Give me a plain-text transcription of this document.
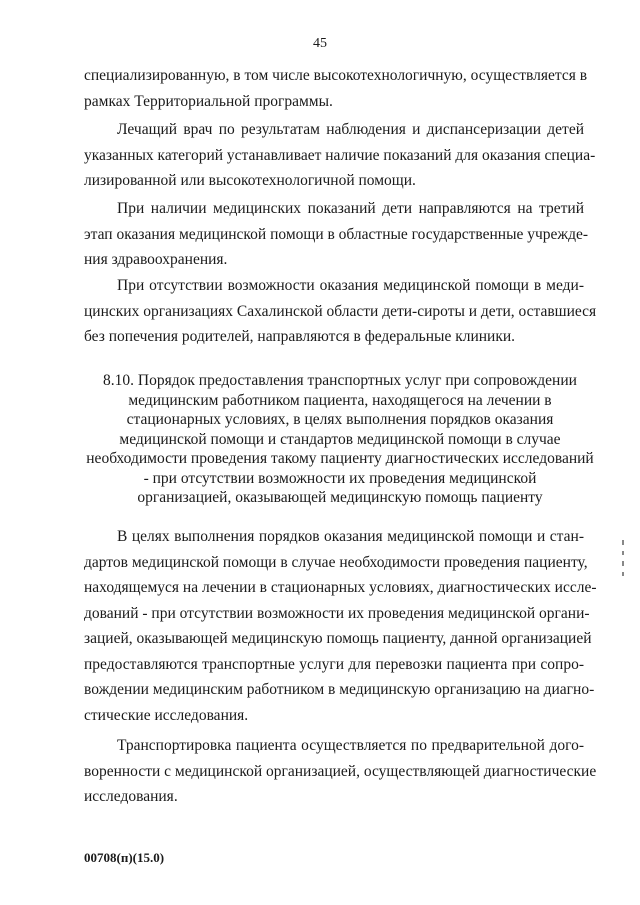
45
специализированную, в том числе высокотехнологичную, осуществляется в
рамках Территориальной программы.
Лечащий врач по результатам наблюдения и диспансеризации детей
указанных категорий устанавливает наличие показаний для оказания специа-
лизированной или высокотехнологичной помощи.
При наличии медицинских показаний дети направляются на третий
этап оказания медицинской помощи в областные государственные учрежде-
ния здравоохранения.
При отсутствии возможности оказания медицинской помощи в меди-
цинских организациях Сахалинской области дети-сироты и дети, оставшиеся
без попечения родителей, направляются в федеральные клиники.
8.10. Порядок предоставления транспортных услуг при сопровождении
медицинским работником пациента, находящегося на лечении в
стационарных условиях, в целях выполнения порядков оказания
медицинской помощи и стандартов медицинской помощи в случае
необходимости проведения такому пациенту диагностических исследований
- при отсутствии возможности их проведения медицинской
организацией, оказывающей медицинскую помощь пациенту
В целях выполнения порядков оказания медицинской помощи и стан-
дартов медицинской помощи в случае необходимости проведения пациенту,
находящемуся на лечении в стационарных условиях, диагностических иссле-
дований - при отсутствии возможности их проведения медицинской органи-
зацией, оказывающей медицинскую помощь пациенту, данной организацией
предоставляются транспортные услуги для перевозки пациента при сопро-
вождении медицинским работником в медицинскую организацию на диагно-
стические исследования.
Транспортировка пациента осуществляется по предварительной дого-
воренности с медицинской организацией, осуществляющей диагностические
исследования.
00708(п)(15.0)
